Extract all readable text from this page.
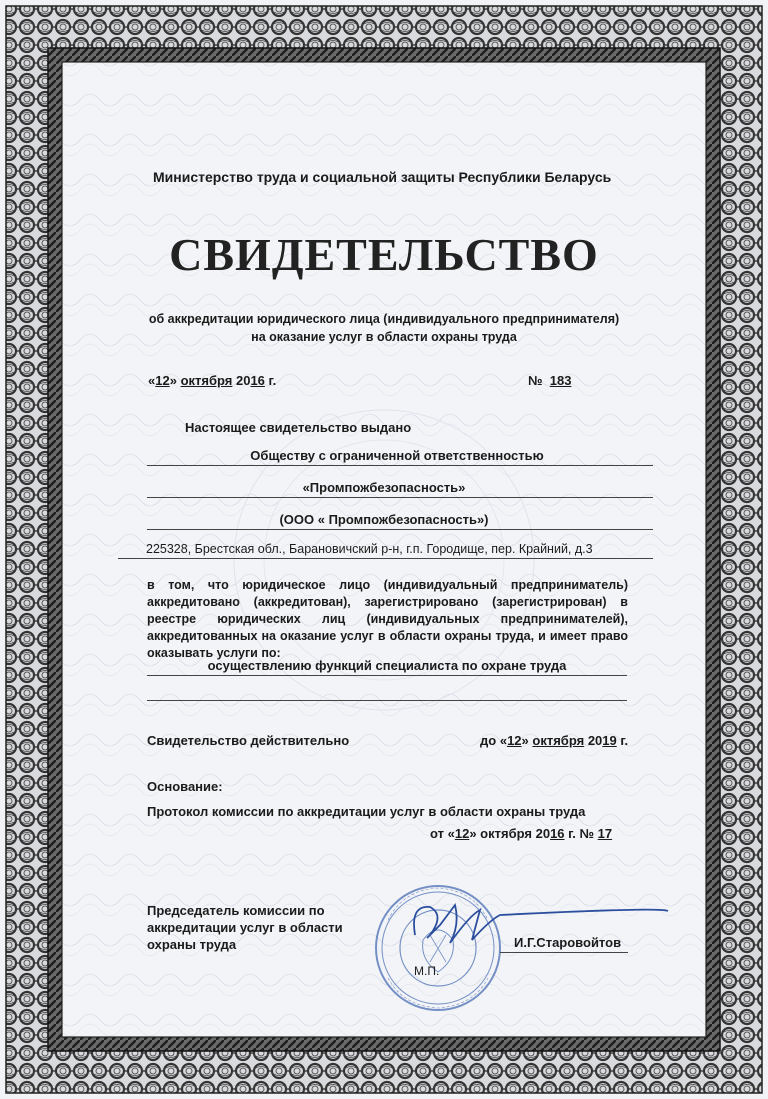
Министерство труда и социальной защиты Республики Беларусь
СВИДЕТЕЛЬСТВО
об аккредитации юридического лица (индивидуального предпринимателя)
на оказание услуг в области охраны труда
«12» октября 2016 г.	№ 183
Настоящее свидетельство выдано
Обществу с ограниченной ответственностью
«Промпожбезопасность»
(ООО « Промпожбезопасность»)
225328, Брестская обл., Барановичский р-н, г.п. Городище, пер. Крайний, д.3
в том, что юридическое лицо (индивидуальный предприниматель) аккредитовано (аккредитован), зарегистрировано (зарегистрирован) в реестре юридических лиц (индивидуальных предпринимателей), аккредитованных на оказание услуг в области охраны труда, и имеет право оказывать услуги по:
осуществлению функций специалиста по охране труда
Свидетельство действительно	до «12» октября 2019 г.
Основание:
Протокол комиссии по аккредитации услуг в области охраны труда
от «12» октября 2016 г. № 17
Председатель комиссии по
аккредитации услуг в области
охраны труда
М.П.
И.Г.Старовойтов
